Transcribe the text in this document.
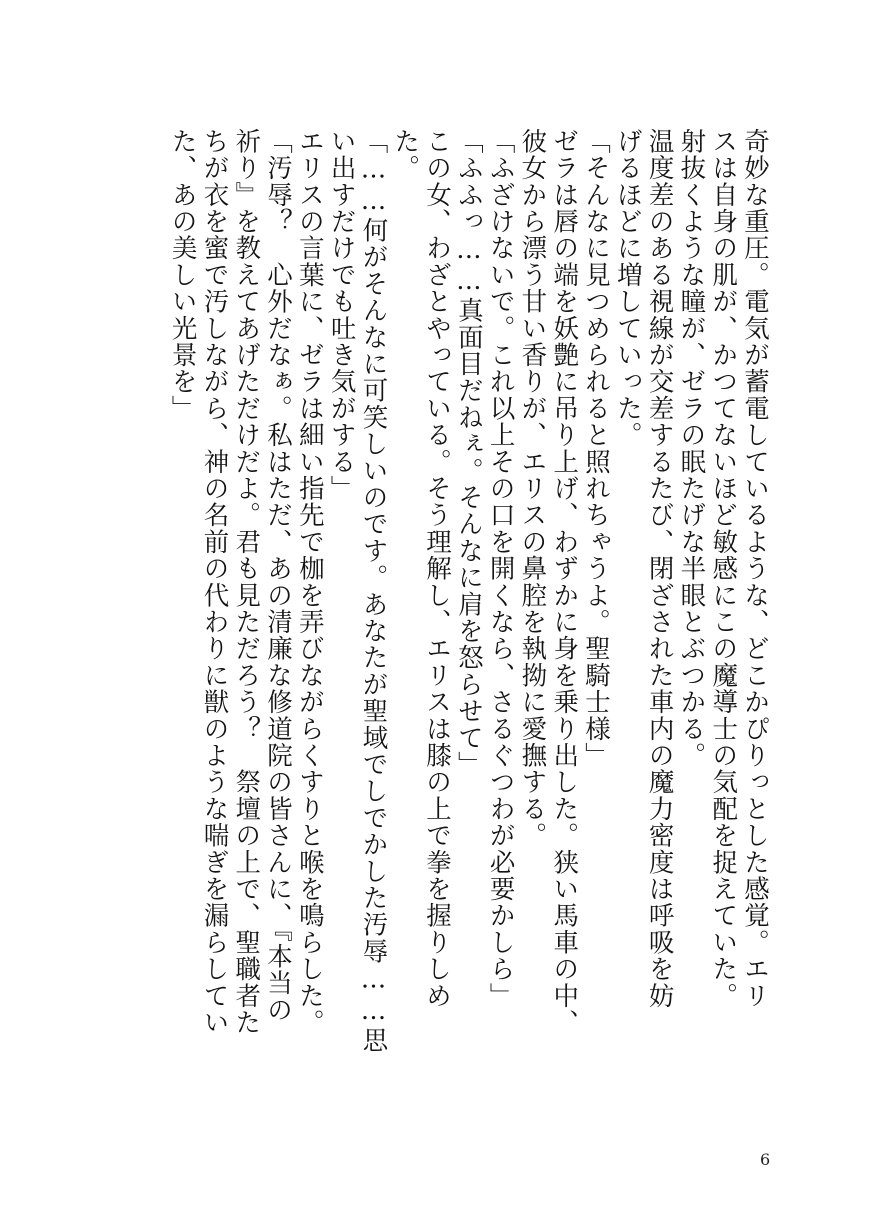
奇妙な重圧。電気が蓄電しているような、どこかぴりっとした感覚。エリ
スは自身の肌が、かつてないほど敏感にこの魔導士の気配を捉えていた。
射抜くような瞳が、ゼラの眠たげな半眼とぶつかる。
温度差のある視線が交差するたび、閉ざされた車内の魔力密度は呼吸を妨
げるほどに増していった。
「そんなに見つめられると照れちゃうよ。聖騎士様」
ゼラは唇の端を妖艶に吊り上げ、わずかに身を乗り出した。狭い馬車の中、
彼女から漂う甘い香りが、エリスの鼻腔を執拗に愛撫する。
「ふざけないで。これ以上その口を開くなら、さるぐつわが必要かしら」
「ふふっ……真面目だねぇ。そんなに肩を怒らせて」
この女、わざとやっている。そう理解し、エリスは膝の上で拳を握りしめ
た。
「……何がそんなに可笑しいのです。あなたが聖域でしでかした汚辱……思
い出すだけでも吐き気がする」
エリスの言葉に、ゼラは細い指先で枷を弄びながらくすりと喉を鳴らした。
「汚辱？　心外だなぁ。私はただ、あの清廉な修道院の皆さんに、『本当の
祈り』を教えてあげただけだよ。君も見ただろう？　祭壇の上で、聖職者た
ちが衣を蜜で汚しながら、神の名前の代わりに獣のような喘ぎを漏らしてい
た、あの美しい光景を」
6
